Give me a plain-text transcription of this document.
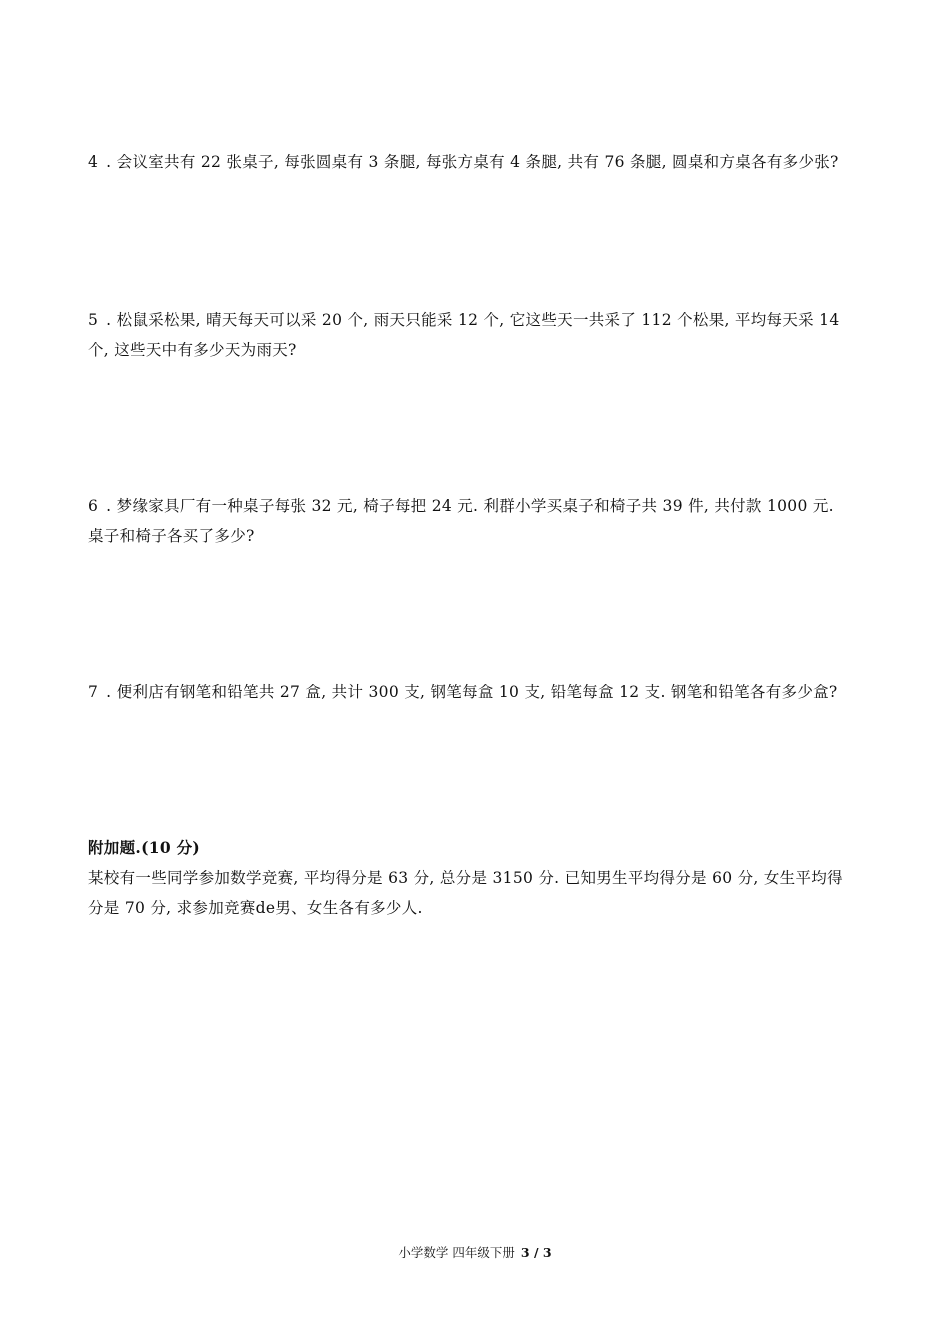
4 . 会议室共有 22 张桌子, 每张圆桌有 3 条腿, 每张方桌有 4 条腿, 共有 76 条腿, 圆桌和方桌各有多少张?

5 . 松鼠采松果, 晴天每天可以采 20 个, 雨天只能采 12 个, 它这些天一共采了 112 个松果, 平均每天采 14 个, 这些天中有多少天为雨天?

6 . 梦缘家具厂有一种桌子每张 32 元, 椅子每把 24 元. 利群小学买桌子和椅子共 39 件, 共付款 1000 元. 桌子和椅子各买了多少?

7 . 便利店有钢笔和铅笔共 27 盒, 共计 300 支, 钢笔每盒 10 支, 铅笔每盒 12 支. 钢笔和铅笔各有多少盒?

附加题.(10 分)
某校有一些同学参加数学竞赛, 平均得分是 63 分, 总分是 3150 分. 已知男生平均得分是 60 分, 女生平均得分是 70 分, 求参加竞赛de男、女生各有多少人.
小学数学 四年级下册 3 / 3
